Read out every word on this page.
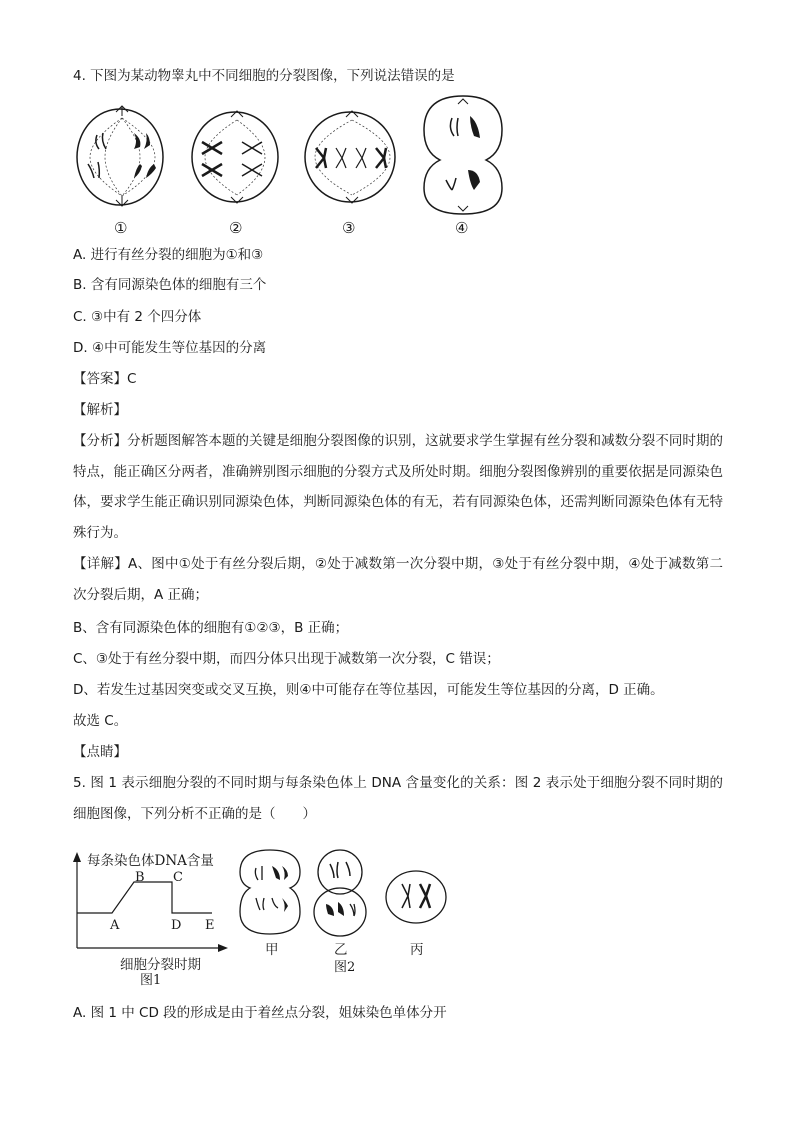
4. 下图为某动物睾丸中不同细胞的分裂图像，下列说法错误的是
①	②	③	④
A. 进行有丝分裂的细胞为①和③
B. 含有同源染色体的细胞有三个
C. ③中有 2 个四分体
D. ④中可能发生等位基因的分离
【答案】C
【解析】
【分析】分析题图解答本题的关键是细胞分裂图像的识别，这就要求学生掌握有丝分裂和减数分裂不同时期的特点，能正确区分两者，准确辨别图示细胞的分裂方式及所处时期。细胞分裂图像辨别的重要依据是同源染色体，要求学生能正确识别同源染色体，判断同源染色体的有无，若有同源染色体，还需判断同源染色体有无特殊行为。
【详解】A、图中①处于有丝分裂后期，②处于减数第一次分裂中期，③处于有丝分裂中期，④处于减数第二次分裂后期，A 正确；
B、含有同源染色体的细胞有①②③，B 正确；
C、③处于有丝分裂中期，而四分体只出现于减数第一次分裂，C 错误；
D、若发生过基因突变或交叉互换，则④中可能存在等位基因，可能发生等位基因的分离，D 正确。
故选 C。
【点睛】
5. 图 1 表示细胞分裂的不同时期与每条染色体上 DNA 含量变化的关系：图 2 表示处于细胞分裂不同时期的细胞图像，下列分析不正确的是（　　）
每条染色体DNA含量
B C
A	D E
细胞分裂时期
图1
甲	乙	丙
图2
A. 图 1 中 CD 段的形成是由于着丝点分裂，姐妹染色单体分开
